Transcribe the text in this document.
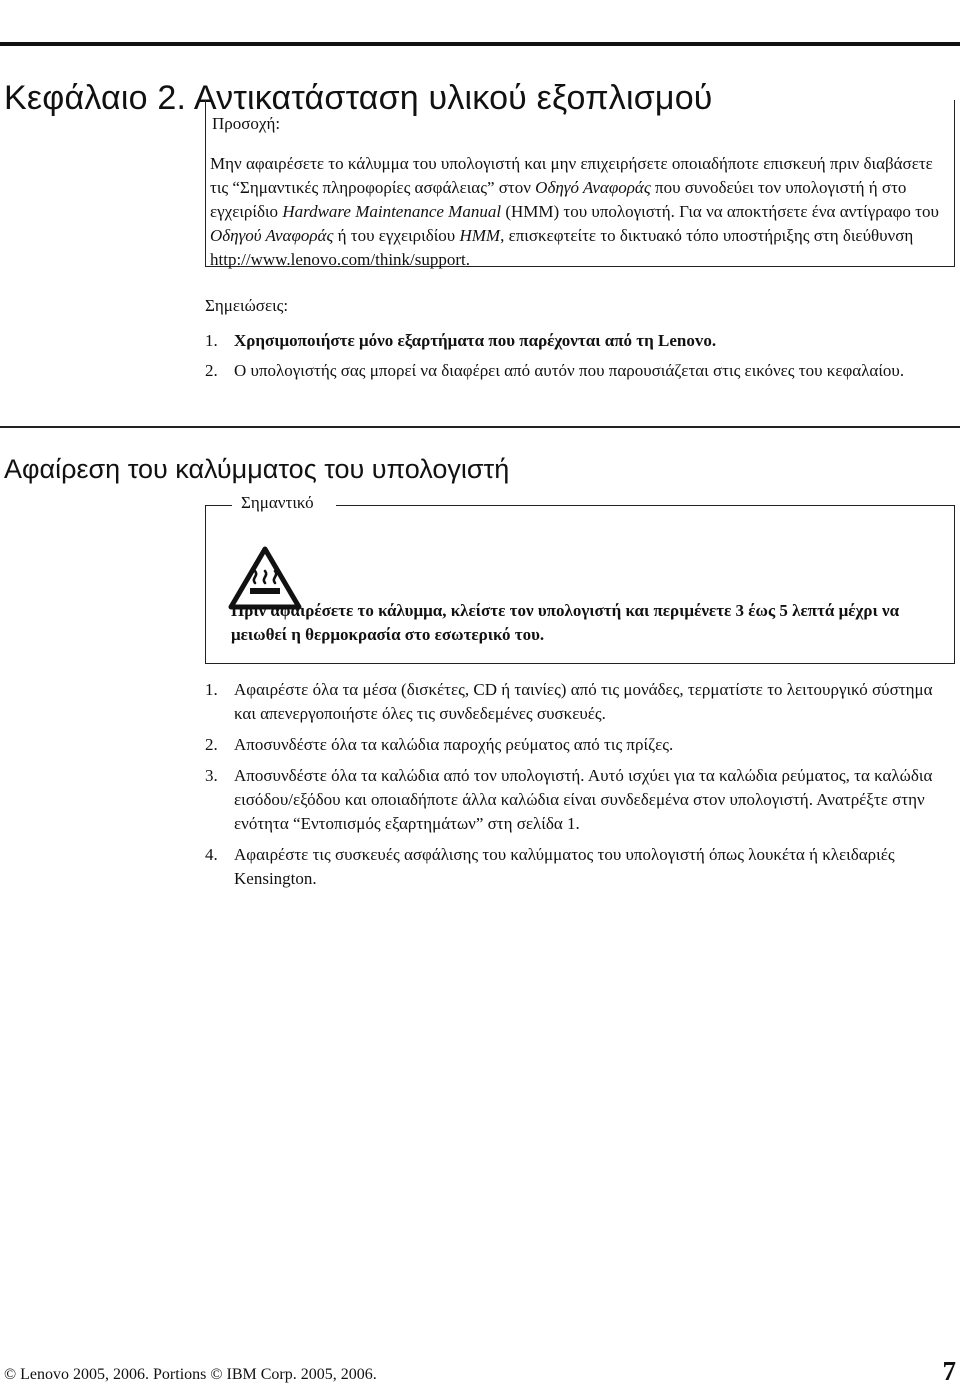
Κεφάλαιο 2. Αντικατάσταση υλικού εξοπλισμού
Προσοχή:
Μην αφαιρέσετε το κάλυμμα του υπολογιστή και μην επιχειρήσετε οποιαδήποτε επισκευή πριν διαβάσετε τις “Σημαντικές πληροφορίες ασφάλειας” στον Οδηγό Αναφοράς που συνοδεύει τον υπολογιστή ή στο εγχειρίδιο Hardware Maintenance Manual (HMM) του υπολογιστή. Για να αποκτήσετε ένα αντίγραφο του Οδηγού Αναφοράς ή του εγχειριδίου HMM, επισκεφτείτε το δικτυακό τόπο υποστήριξης στη διεύθυνση http://www.lenovo.com/think/support.
Σημειώσεις:
1. Χρησιμοποιήστε μόνο εξαρτήματα που παρέχονται από τη Lenovo.
2. Ο υπολογιστής σας μπορεί να διαφέρει από αυτόν που παρουσιάζεται στις εικόνες του κεφαλαίου.
Αφαίρεση του καλύμματος του υπολογιστή
Σημαντικό
Πριν αφαιρέσετε το κάλυμμα, κλείστε τον υπολογιστή και περιμένετε 3 έως 5 λεπτά μέχρι να μειωθεί η θερμοκρασία στο εσωτερικό του.
1. Αφαιρέστε όλα τα μέσα (δισκέτες, CD ή ταινίες) από τις μονάδες, τερματίστε το λειτουργικό σύστημα και απενεργοποιήστε όλες τις συνδεδεμένες συσκευές.
2. Αποσυνδέστε όλα τα καλώδια παροχής ρεύματος από τις πρίζες.
3. Αποσυνδέστε όλα τα καλώδια από τον υπολογιστή. Αυτό ισχύει για τα καλώδια ρεύματος, τα καλώδια εισόδου/εξόδου και οποιαδήποτε άλλα καλώδια είναι συνδεδεμένα στον υπολογιστή. Ανατρέξτε στην ενότητα “Εντοπισμός εξαρτημάτων” στη σελίδα 1.
4. Αφαιρέστε τις συσκευές ασφάλισης του καλύμματος του υπολογιστή όπως λουκέτα ή κλειδαριές Kensington.
© Lenovo 2005, 2006. Portions © IBM Corp. 2005, 2006.	7
